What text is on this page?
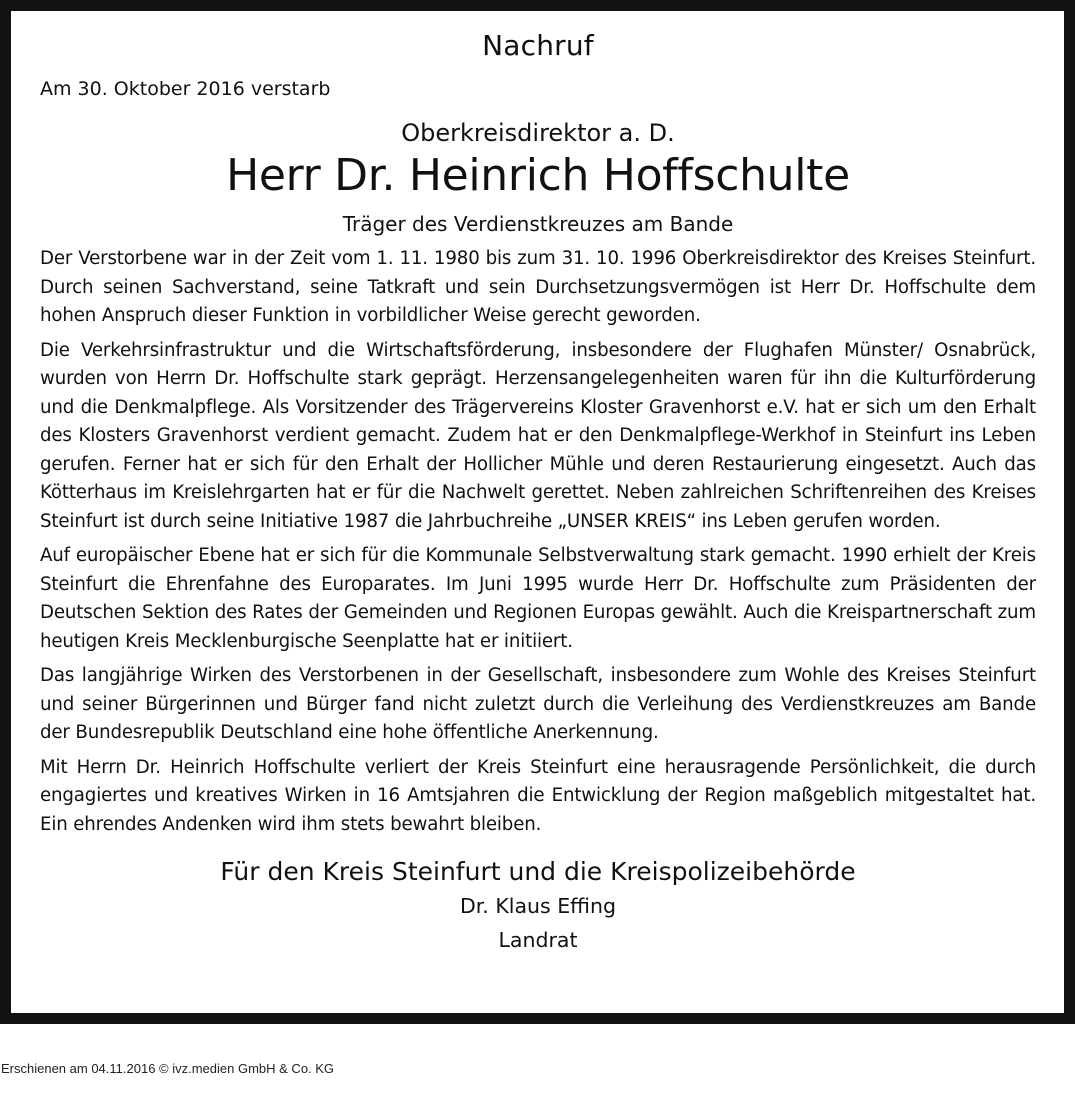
Nachruf

Am 30. Oktober 2016 verstarb

Oberkreisdirektor a. D.

Herr Dr. Heinrich Hoffschulte

Träger des Verdienstkreuzes am Bande

Der Verstorbene war in der Zeit vom 1. 11. 1980 bis zum 31. 10. 1996 Oberkreisdirektor des Kreises Steinfurt. Durch seinen Sachverstand, seine Tatkraft und sein Durchsetzungsvermögen ist Herr Dr. Hoffschulte dem hohen Anspruch dieser Funktion in vorbildlicher Weise gerecht geworden.

Die Verkehrsinfrastruktur und die Wirtschaftsförderung, insbesondere der Flughafen Münster/ Osnabrück, wurden von Herrn Dr. Hoffschulte stark geprägt. Herzensangelegenheiten waren für ihn die Kulturförderung und die Denkmalpflege. Als Vorsitzender des Trägervereins Kloster Gravenhorst e.V. hat er sich um den Erhalt des Klosters Gravenhorst verdient gemacht. Zudem hat er den Denkmalpflege-Werkhof in Steinfurt ins Leben gerufen. Ferner hat er sich für den Erhalt der Hollicher Mühle und deren Restaurierung eingesetzt. Auch das Kötterhaus im Kreislehrgarten hat er für die Nachwelt gerettet. Neben zahlreichen Schriftenreihen des Kreises Steinfurt ist durch seine Initiative 1987 die Jahrbuchreihe „UNSER KREIS“ ins Leben gerufen worden.

Auf europäischer Ebene hat er sich für die Kommunale Selbstverwaltung stark gemacht. 1990 erhielt der Kreis Steinfurt die Ehrenfahne des Europarates. Im Juni 1995 wurde Herr Dr. Hoffschulte zum Präsidenten der Deutschen Sektion des Rates der Gemeinden und Regionen Europas gewählt. Auch die Kreispartnerschaft zum heutigen Kreis Mecklenburgische Seenplatte hat er initiiert.

Das langjährige Wirken des Verstorbenen in der Gesellschaft, insbesondere zum Wohle des Kreises Steinfurt und seiner Bürgerinnen und Bürger fand nicht zuletzt durch die Verleihung des Verdienstkreuzes am Bande der Bundesrepublik Deutschland eine hohe öffentliche Anerkennung.

Mit Herrn Dr. Heinrich Hoffschulte verliert der Kreis Steinfurt eine herausragende Persönlichkeit, die durch engagiertes und kreatives Wirken in 16 Amtsjahren die Entwicklung der Region maßgeblich mitgestaltet hat. Ein ehrendes Andenken wird ihm stets bewahrt bleiben.

Für den Kreis Steinfurt und die Kreispolizeibehörde

Dr. Klaus Effing

Landrat

Erschienen am 04.11.2016 © ivz.medien GmbH & Co. KG
